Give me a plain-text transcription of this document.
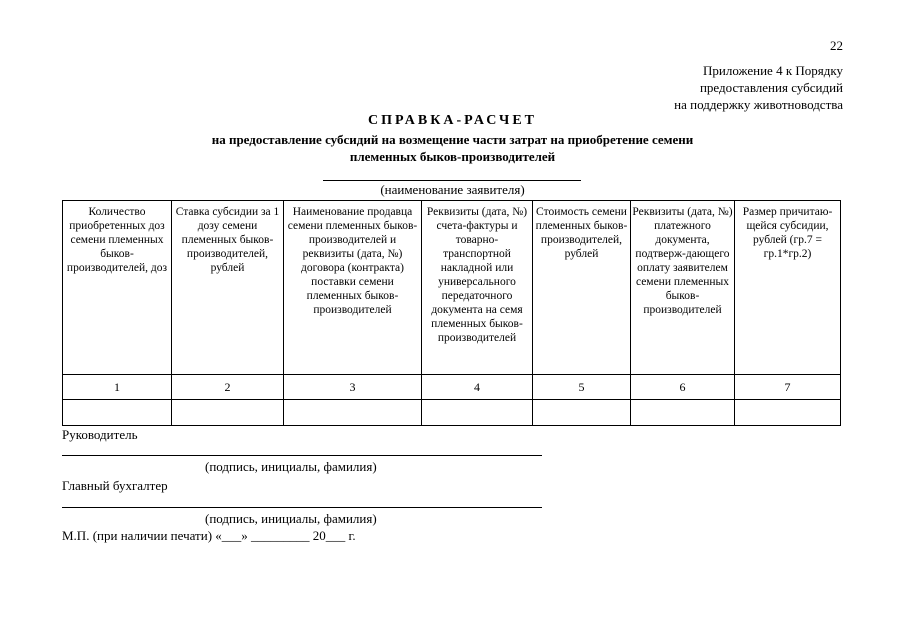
22
Приложение 4 к Порядку
предоставления субсидий
на поддержку животноводства
СПРАВКА-РАСЧЕТ
на предоставление субсидий на возмещение части затрат на приобретение семени
племенных быков-производителей
(наименование заявителя)
Количество приобретенных доз семени племенных быков-производителей, доз	Ставка субсидии за 1 дозу семени племенных быков-производителей, рублей	Наименование продавца семени племенных быков-производителей и реквизиты (дата, №) договора (контракта) поставки семени племенных быков-производителей	Реквизиты (дата, №) счета-фактуры и товарно-транспортной накладной или универсального передаточного документа на семя племенных быков-производителей	Стоимость семени племенных быков-производителей, рублей	Реквизиты (дата, №) платежного документа, подтверж-дающего оплату заявителем семени племенных быков-производителей	Размер причитаю-щейся субсидии, рублей (гр.7 = гр.1*гр.2)
1	2	3	4	5	6	7

Руководитель
(подпись, инициалы, фамилия)
Главный бухгалтер
(подпись, инициалы, фамилия)
М.П. (при наличии печати) «___» _________ 20___ г.
